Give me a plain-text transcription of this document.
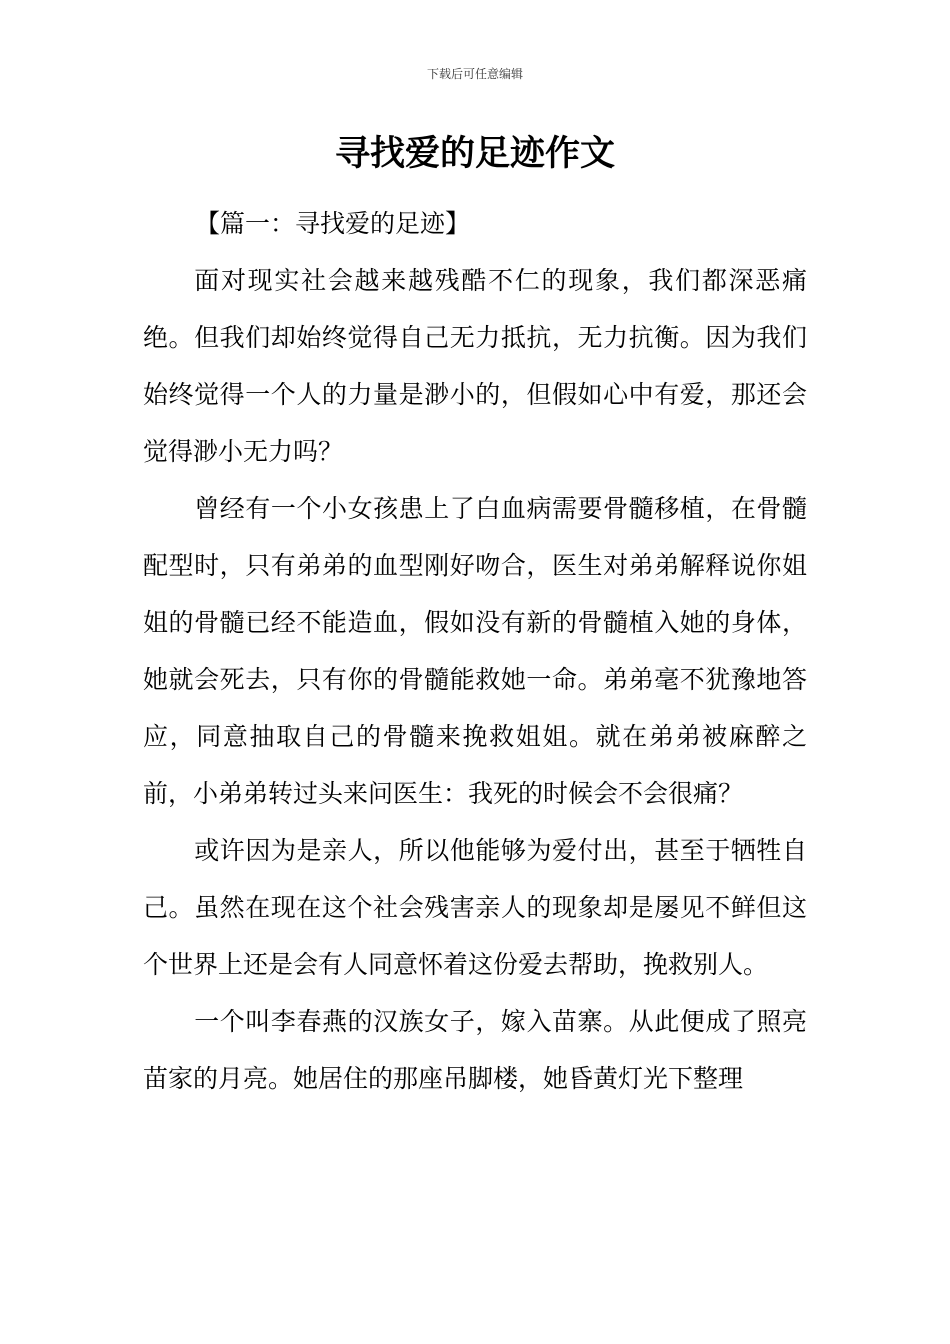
下载后可任意编辑
寻找爱的足迹作文

【篇一：寻找爱的足迹】

面对现实社会越来越残酷不仁的现象，我们都深恶痛绝。但我们却始终觉得自己无力抵抗，无力抗衡。因为我们始终觉得一个人的力量是渺小的，但假如心中有爱，那还会觉得渺小无力吗？

曾经有一个小女孩患上了白血病需要骨髓移植，在骨髓配型时，只有弟弟的血型刚好吻合，医生对弟弟解释说你姐姐的骨髓已经不能造血，假如没有新的骨髓植入她的身体，她就会死去，只有你的骨髓能救她一命。弟弟毫不犹豫地答应，同意抽取自己的骨髓来挽救姐姐。就在弟弟被麻醉之前，小弟弟转过头来问医生：我死的时候会不会很痛？

或许因为是亲人，所以他能够为爱付出，甚至于牺牲自己。虽然在现在这个社会残害亲人的现象却是屡见不鲜但这个世界上还是会有人同意怀着这份爱去帮助，挽救别人。

一个叫李春燕的汉族女子，嫁入苗寨。从此便成了照亮苗家的月亮。她居住的那座吊脚楼，她昏黄灯光下整理
